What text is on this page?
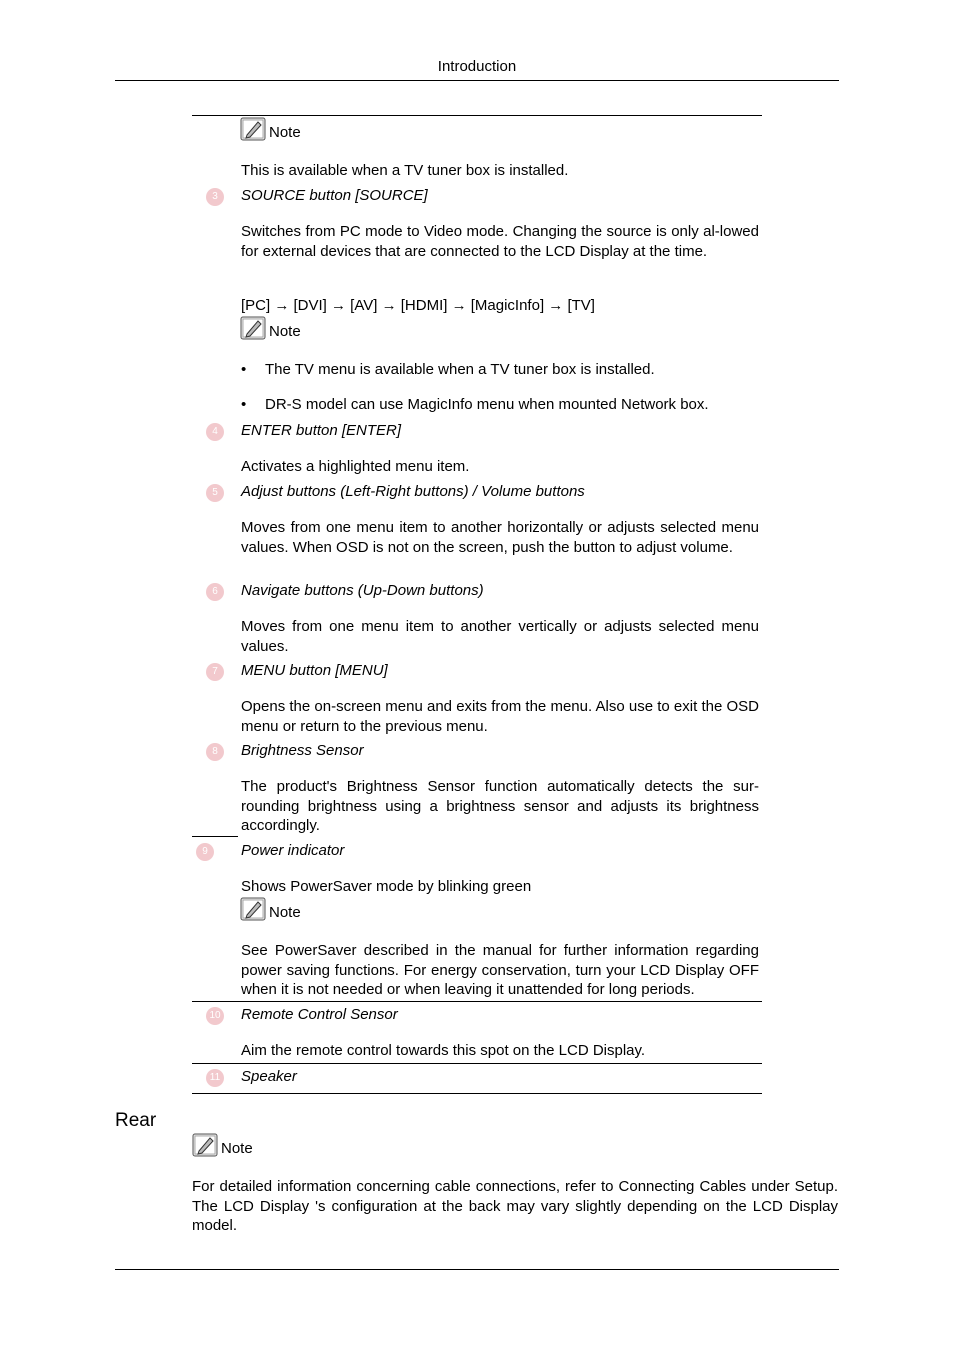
Introduction
Note

This is available when a TV tuner box is installed.

3	SOURCE button [SOURCE]

Switches from PC mode to Video mode. Changing the source is only al-lowed for external devices that are connected to the LCD Display at the time.

[PC] → [DVI] → [AV] → [HDMI] → [MagicInfo] → [TV]

Note
• The TV menu is available when a TV tuner box is installed.
• DR-S model can use MagicInfo menu when mounted Network box.
4	ENTER button [ENTER]

Activates a highlighted menu item.

5	Adjust buttons (Left-Right buttons) / Volume buttons

Moves from one menu item to another horizontally or adjusts selected menu values. When OSD is not on the screen, push the button to adjust volume.

6	Navigate buttons (Up-Down buttons)

Moves from one menu item to another vertically or adjusts selected menu values.

7	MENU button [MENU]

Opens the on-screen menu and exits from the menu. Also use to exit the OSD menu or return to the previous menu.

8	Brightness Sensor

The product's Brightness Sensor function automatically detects the sur-rounding brightness using a brightness sensor and adjusts its brightness accordingly.

9	Power indicator

Shows PowerSaver mode by blinking green

Note

See PowerSaver described in the manual for further information regarding power saving functions. For energy conservation, turn your LCD Display OFF when it is not needed or when leaving it unattended for long periods.

10 Remote Control Sensor

Aim the remote control towards this spot on the LCD Display.

11 Speaker
Rear
Note

For detailed information concerning cable connections, refer to Connecting Cables under Setup. The LCD Display 's configuration at the back may vary slightly depending on the LCD Display model.
